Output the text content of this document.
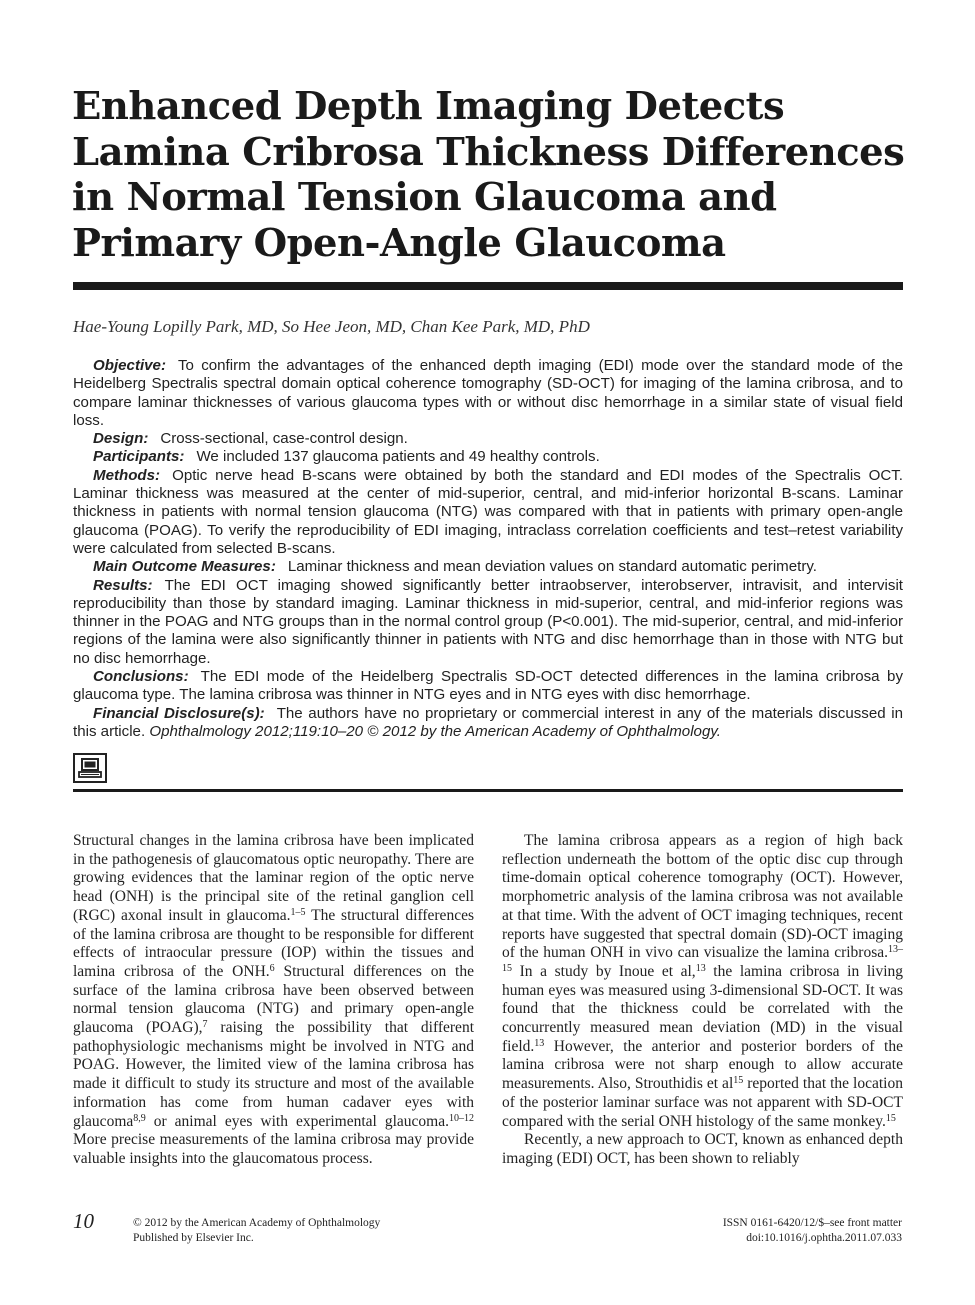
Enhanced Depth Imaging Detects Lamina Cribrosa Thickness Differences in Normal Tension Glaucoma and Primary Open-Angle Glaucoma
Hae-Young Lopilly Park, MD, So Hee Jeon, MD, Chan Kee Park, MD, PhD

Objective: To confirm the advantages of the enhanced depth imaging (EDI) mode over the standard mode of the Heidelberg Spectralis spectral domain optical coherence tomography (SD-OCT) for imaging of the lamina cribrosa, and to compare laminar thicknesses of various glaucoma types with or without disc hemorrhage in a similar state of visual field loss.

Design: Cross-sectional, case-control design.

Participants: We included 137 glaucoma patients and 49 healthy controls.

Methods: Optic nerve head B-scans were obtained by both the standard and EDI modes of the Spectralis OCT. Laminar thickness was measured at the center of mid-superior, central, and mid-inferior horizontal B-scans. Laminar thickness in patients with normal tension glaucoma (NTG) was compared with that in patients with primary open-angle glaucoma (POAG). To verify the reproducibility of EDI imaging, intraclass correlation coefficients and test–retest variability were calculated from selected B-scans.

Main Outcome Measures: Laminar thickness and mean deviation values on standard automatic perimetry.

Results: The EDI OCT imaging showed significantly better intraobserver, interobserver, intravisit, and intervisit reproducibility than those by standard imaging. Laminar thickness in mid-superior, central, and mid-inferior regions was thinner in the POAG and NTG groups than in the normal control group (P<0.001). The mid-superior, central, and mid-inferior regions of the lamina were also significantly thinner in patients with NTG and disc hemorrhage than in those with NTG but no disc hemorrhage.

Conclusions: The EDI mode of the Heidelberg Spectralis SD-OCT detected differences in the lamina cribrosa by glaucoma type. The lamina cribrosa was thinner in NTG eyes and in NTG eyes with disc hemorrhage.

Financial Disclosure(s): The authors have no proprietary or commercial interest in any of the materials discussed in this article. Ophthalmology 2012;119:10–20 © 2012 by the American Academy of Ophthalmology.

Structural changes in the lamina cribrosa have been implicated in the pathogenesis of glaucomatous optic neuropathy. There are growing evidences that the laminar region of the optic nerve head (ONH) is the principal site of the retinal ganglion cell (RGC) axonal insult in glaucoma.$^{1-5}$ The structural differences of the lamina cribrosa are thought to be responsible for different effects of intraocular pressure (IOP) within the tissues and lamina cribrosa of the ONH.$^6$ Structural differences on the surface of the lamina cribrosa have been observed between normal tension glaucoma (NTG) and primary open-angle glaucoma (POAG),$^7$ raising the possibility that different pathophysiologic mechanisms might be involved in NTG and POAG. However, the limited view of the lamina cribrosa has made it difficult to study its structure and most of the available information has come from human cadaver eyes with glaucoma$^{8,9}$ or animal eyes with experimental glaucoma.$^{10-12}$ More precise measurements of the lamina cribrosa may provide valuable insights into the glaucomatous process.

The lamina cribrosa appears as a region of high back reflection underneath the bottom of the optic disc cup through time-domain optical coherence tomography (OCT). However, morphometric analysis of the lamina cribrosa was not available at that time. With the advent of OCT imaging techniques, recent reports have suggested that spectral domain (SD)-OCT imaging of the human ONH in vivo can visualize the lamina cribrosa.$^{13-15}$ In a study by Inoue et al,$^{13}$ the lamina cribrosa in living human eyes was measured using 3-dimensional SD-OCT. It was found that the thickness could be correlated with the concurrently measured mean deviation (MD) in the visual field.$^{13}$ However, the anterior and posterior borders of the lamina cribrosa were not sharp enough to allow accurate measurements. Also, Strouthidis et $al^{15}$ reported that the location of the posterior laminar surface was not apparent with SD-OCT compared with the serial ONH histology of the same monkey.$^{15}$

Recently, a new approach to OCT, known as enhanced depth imaging (EDI) OCT, has been shown to reliably

10	© 2012 by the American Academy of Ophthalmology
Published by Elsevier Inc.
ISSN 0161-6420/12/$–see front matter
doi:10.1016/j.ophtha.2011.07.033
